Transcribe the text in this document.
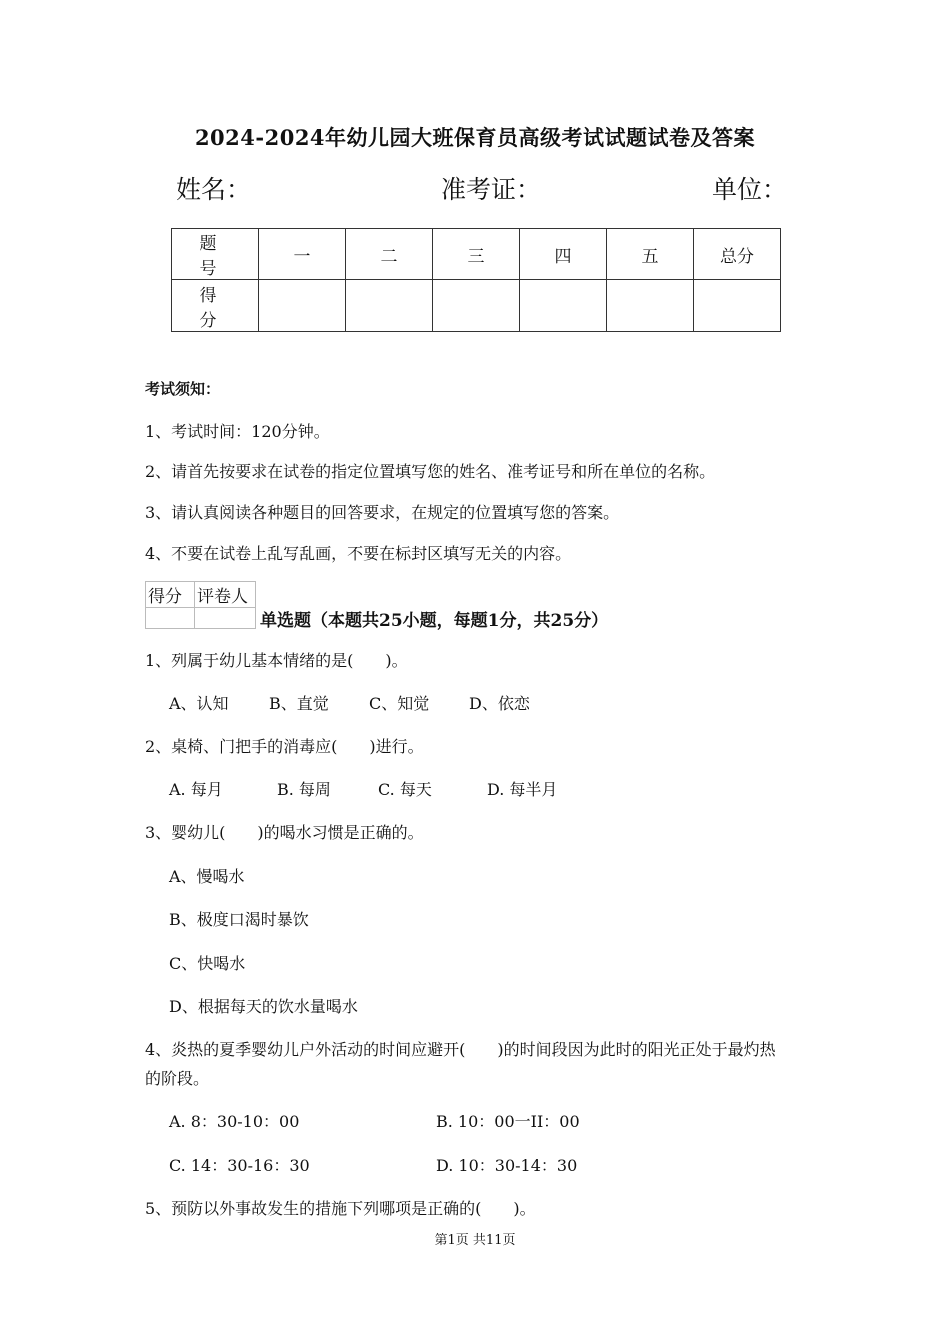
2024-2024年幼儿园大班保育员高级考试试题试卷及答案
姓名：	准考证：	单位：
题　号	一	二	三	四	五	总分
得　分						
考试须知：
1、考试时间：120分钟。
2、请首先按要求在试卷的指定位置填写您的姓名、准考证号和所在单位的名称。
3、请认真阅读各种题目的回答要求，在规定的位置填写您的答案。
4、不要在试卷上乱写乱画，不要在标封区填写无关的内容。
得分	评卷人

单选题（本题共25小题，每题1分，共25分）
1、列属于幼儿基本情绪的是(　　)。
A、认知	B、直觉	C、知觉 D、依恋
2、桌椅、门把手的消毒应(　　)进行。
A. 每月	B. 每周	C. 每天	D. 每半月
3、婴幼儿(　　)的喝水习惯是正确的。
A、慢喝水
B、极度口渴时暴饮
C、快喝水
D、根据每天的饮水量喝水
4、炎热的夏季婴幼儿户外活动的时间应避开(　　)的时间段因为此时的阳光正处于最灼热
的阶段。
A. 8：30-10：00	B. 10：00一II：00
C. 14：30-16：30	D. 10：30-14：30
5、预防以外事故发生的措施下列哪项是正确的(　　)。
第1页 共11页
